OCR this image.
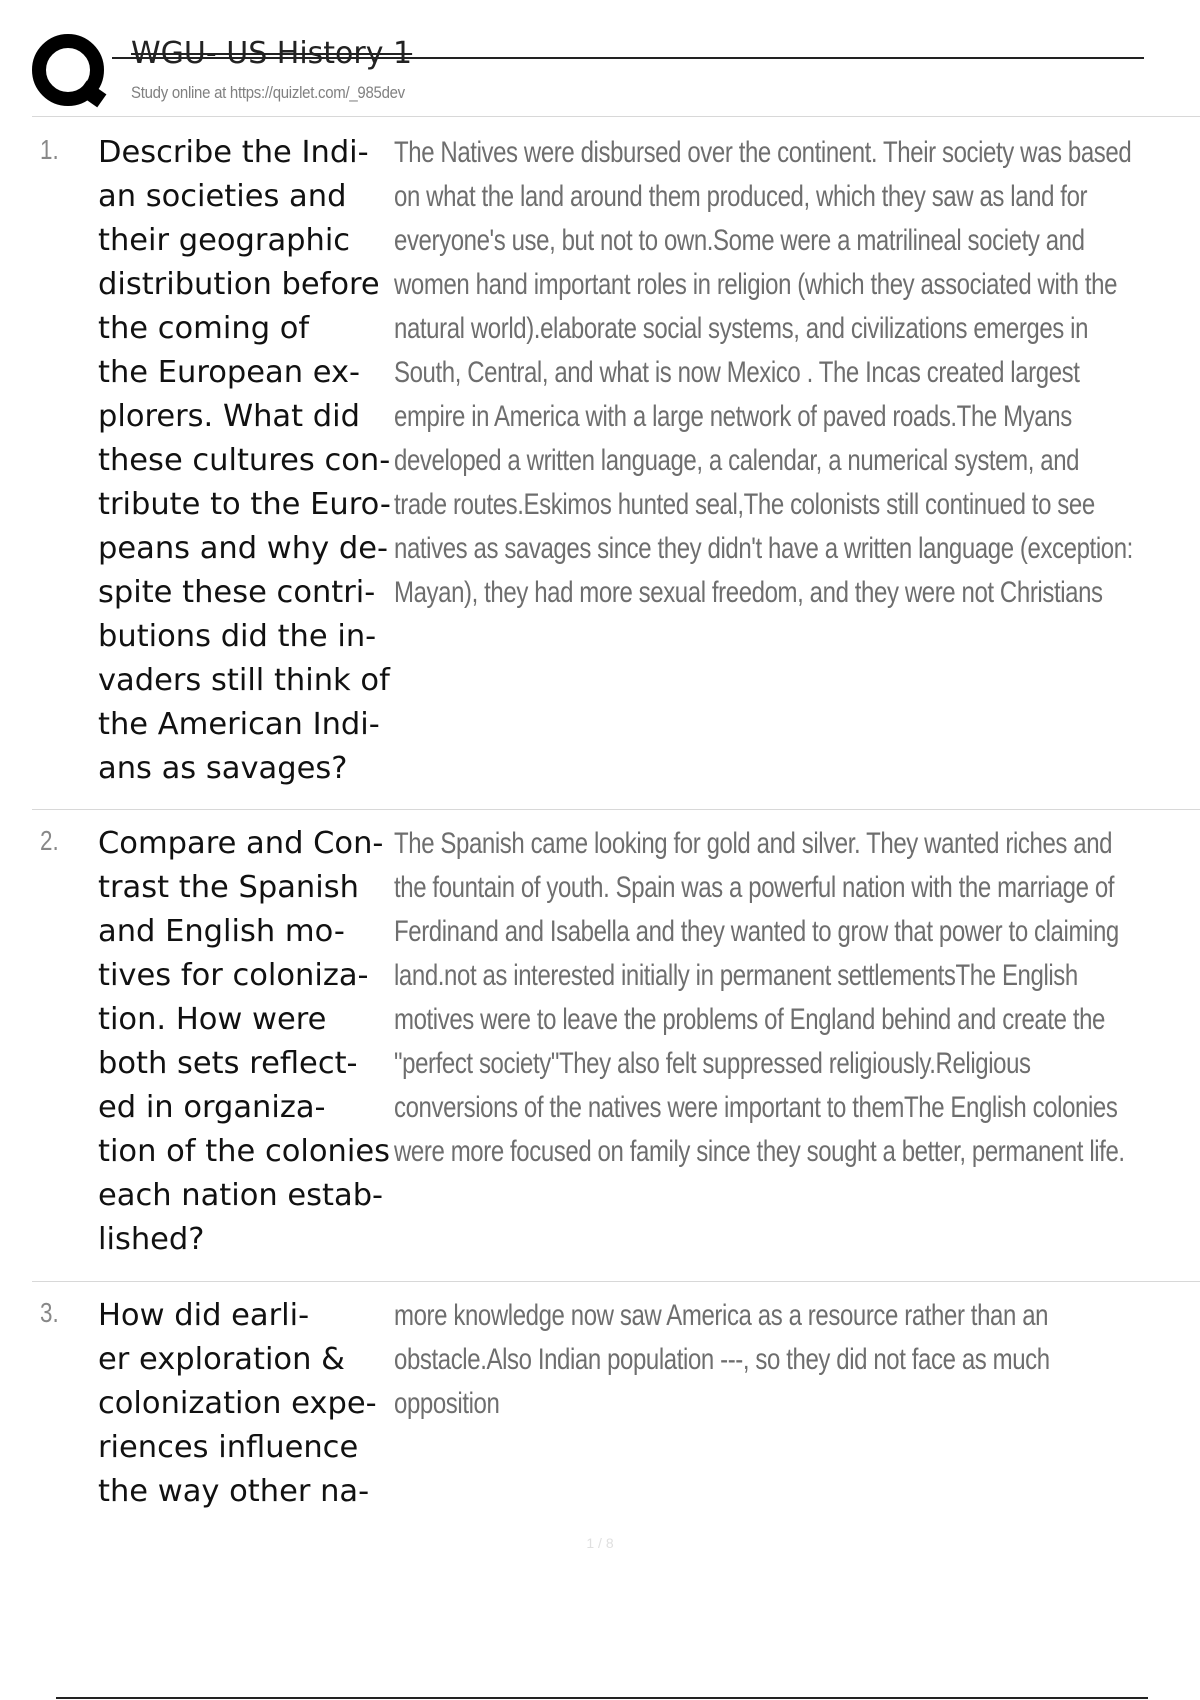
WGU- US History 1
Study online at https://quizlet.com/_985dev
1. Describe the Indi-
an societies and
their geographic
distribution before
the coming of
the European ex-
plorers. What did
these cultures con-
tribute to the Euro-
peans and why de-
spite these contri-
butions did the in-
vaders still think of
the American Indi-
ans as savages?
The Natives were disbursed over the continent. Their society was based on what the land around them produced, which they saw as land for everyone's use, but not to own.Some were a matrilineal society and women hand important roles in religion (which they associated with the natural world).elaborate social systems, and civilizations emerges in South, Central, and what is now Mexico . The Incas created largest empire in America with a large network of paved roads.The Myans developed a written language, a calendar, a numerical system, and trade routes.Eskimos hunted seal,The colonists still continued to see natives as savages since they didn't have a written language (exception: Mayan), they had more sexual freedom, and they were not Christians
2. Compare and Con-
trast the Spanish
and English mo-
tives for coloniza-
tion. How were
both sets reflect-
ed in organiza-
tion of the colonies
each nation estab-
lished?
The Spanish came looking for gold and silver. They wanted riches and the fountain of youth. Spain was a powerful nation with the marriage of Ferdinand and Isabella and they wanted to grow that power to claiming land.not as interested initially in permanent settlementsThe English motives were to leave the problems of England behind and create the "perfect society"They also felt suppressed religiously.Religious conversions of the natives were important to themThe English colonies were more focused on family since they sought a better, permanent life.
3. How did earli-
er exploration &
colonization expe-
riences influence
the way other na-
more knowledge now saw America as a resource rather than an obstacle.Also Indian population ---, so they did not face as much opposition
1 / 8
